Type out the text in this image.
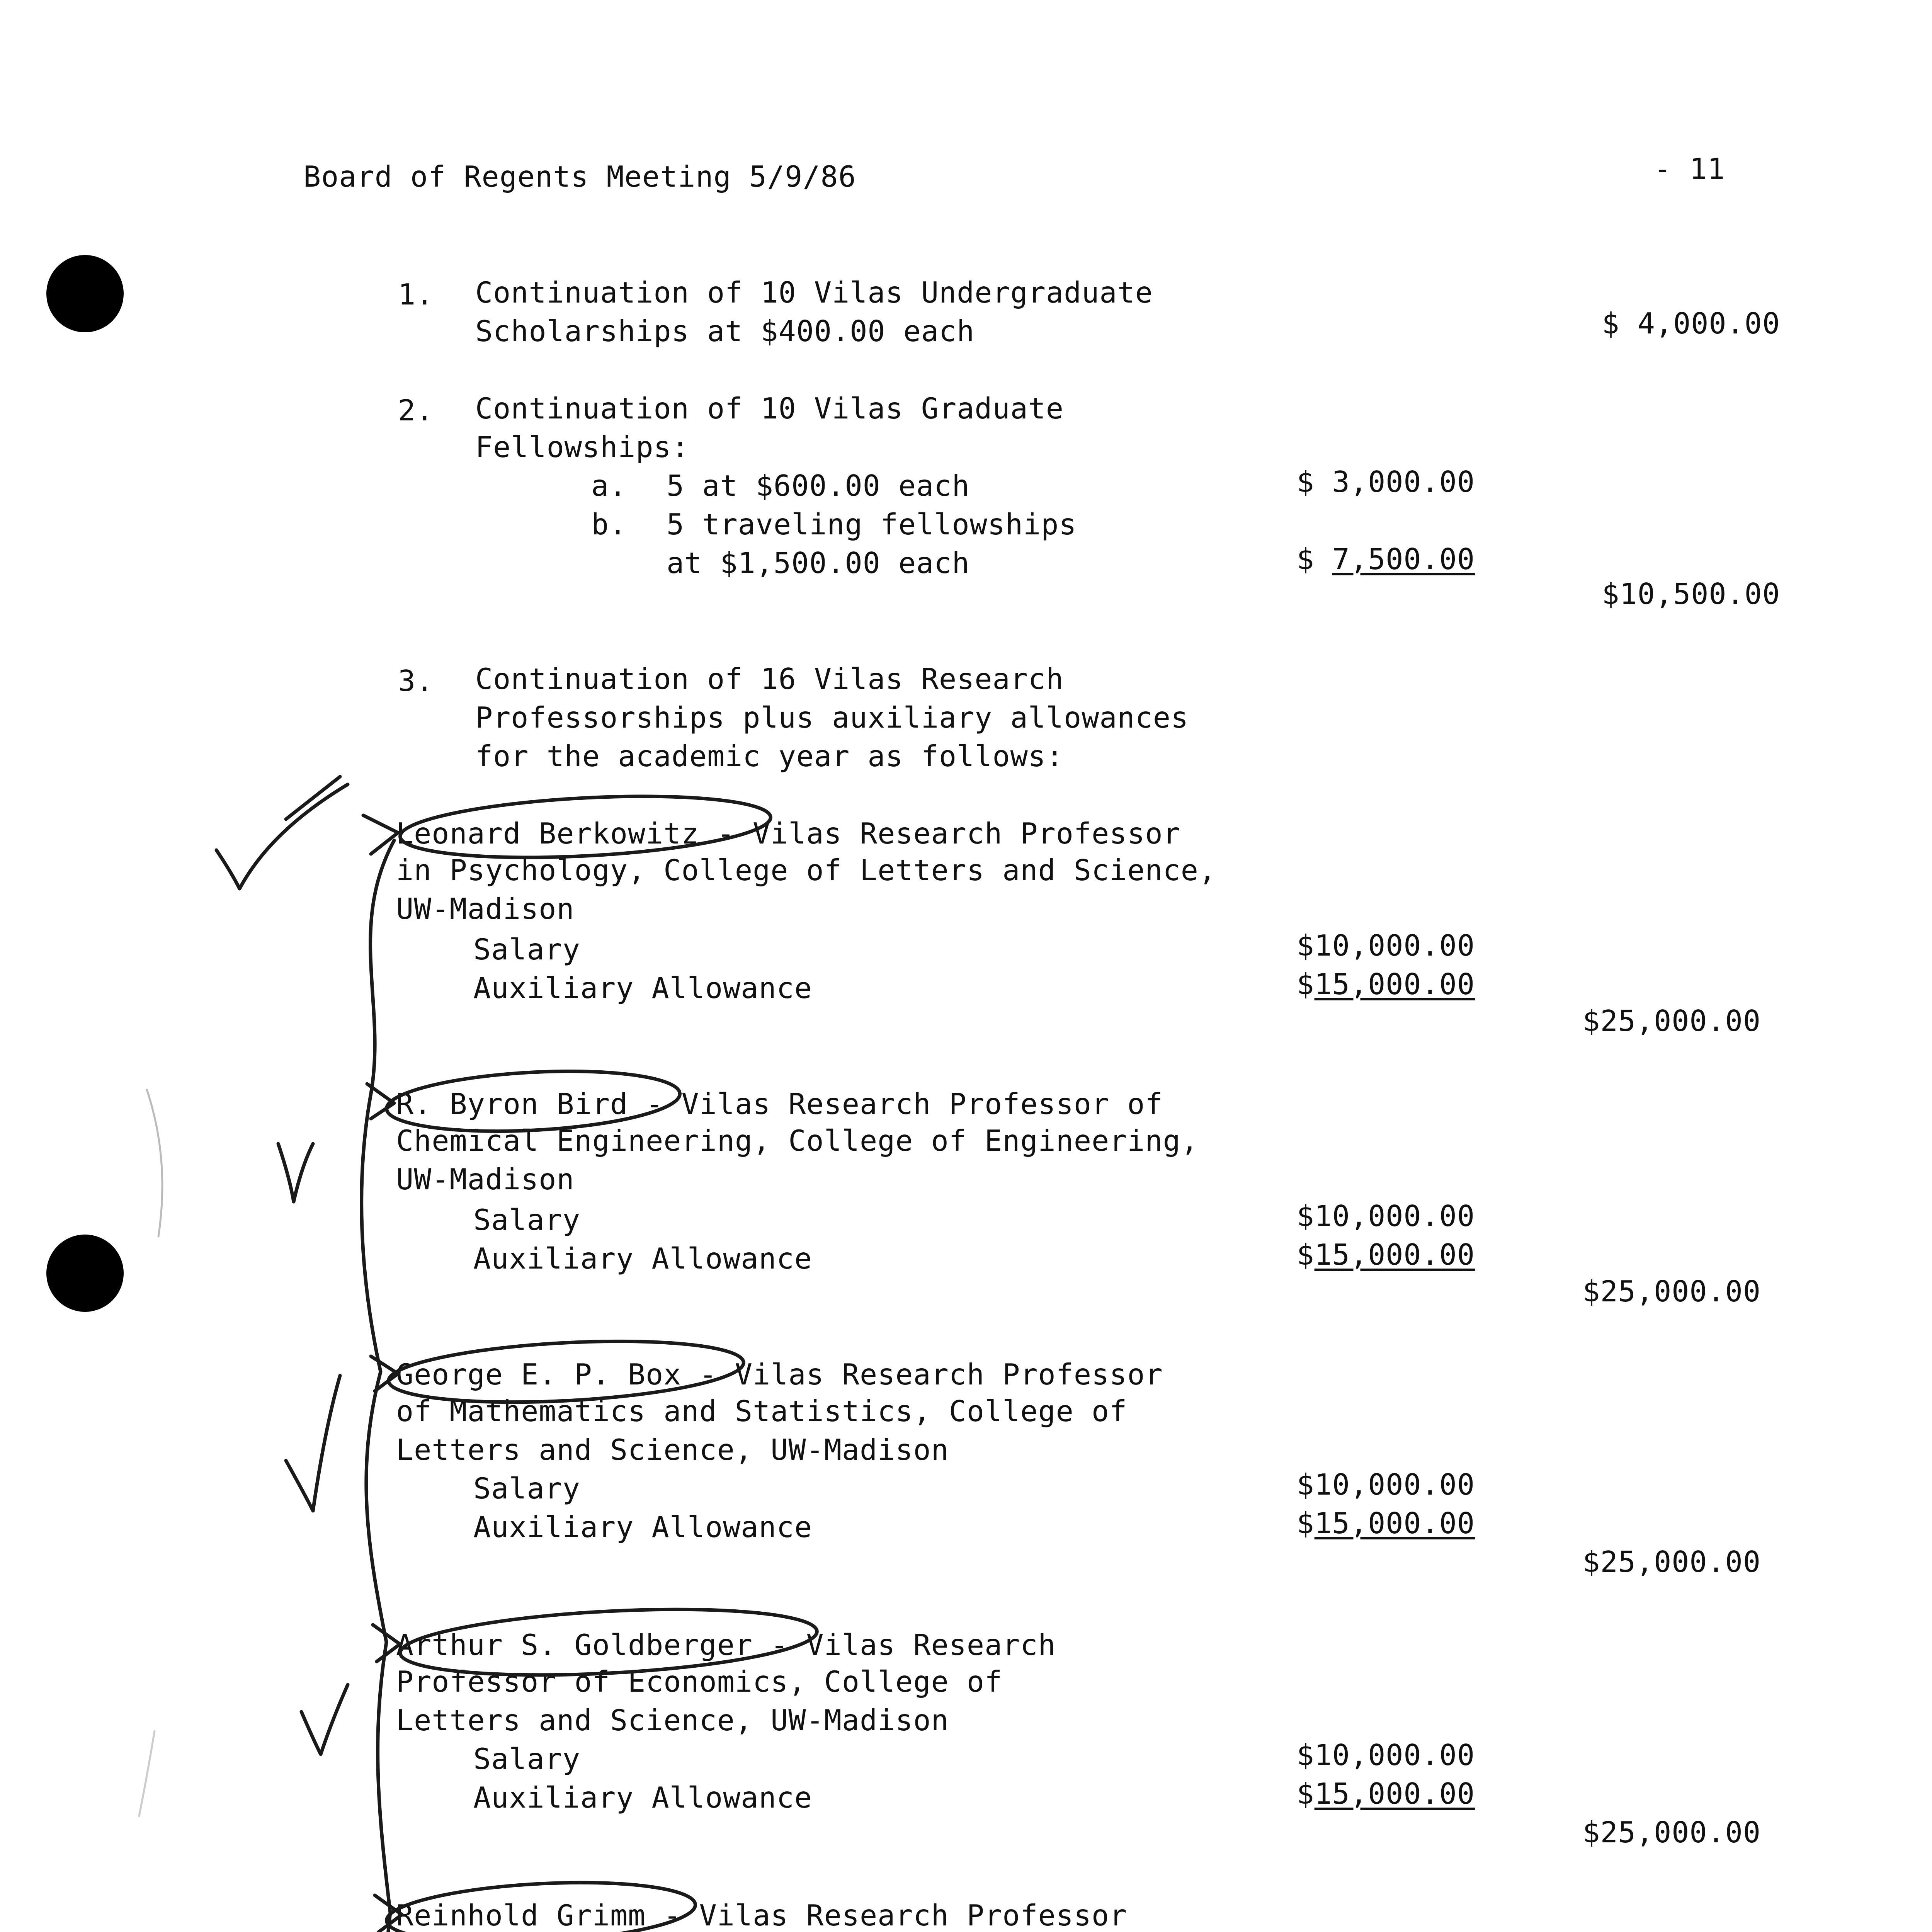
Board of Regents Meeting 5/9/86	- 11
1. Continuation of 10 Vilas Undergraduate
Scholarships at $400.00 each	$ 4,000.00
2. Continuation of 10 Vilas Graduate
Fellowships:
a. 5 at $600.00 each	$ 3,000.00
b. 5 traveling fellowships
at $1,500.00 each	$ 7,500.00
$10,500.00
3. Continuation of 16 Vilas Research
Professorships plus auxiliary allowances
for the academic year as follows:
Leonard Berkowitz - Vilas Research Professor
in Psychology, College of Letters and Science,
UW-Madison
Salary	$10,000.00
Auxiliary Allowance	$15,000.00
$25,000.00
R. Byron Bird - Vilas Research Professor of
Chemical Engineering, College of Engineering,
UW-Madison
Salary	$10,000.00
Auxiliary Allowance	$15,000.00
$25,000.00
George E. P. Box - Vilas Research Professor
of Mathematics and Statistics, College of
Letters and Science, UW-Madison
Salary	$10,000.00
Auxiliary Allowance	$15,000.00
$25,000.00
Arthur S. Goldberger - Vilas Research
Professor of Economics, College of
Letters and Science, UW-Madison
Salary	$10,000.00
Auxiliary Allowance	$15,000.00
$25,000.00
Reinhold Grimm - Vilas Research Professor
